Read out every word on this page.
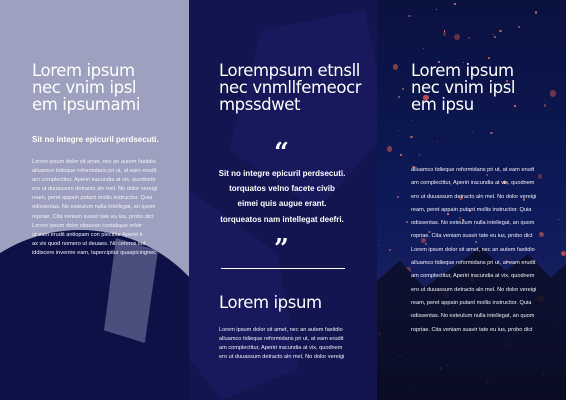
Lorem ipsum
nec vnim ipsl
em ipsumami

Sit no integre epicuril perdsecuti.

Lorem ipsum dolor sit amet, nec an autem fastidio
alluamco tidieque reformidans pri ut, at eam erudit
am complectitur, Aperiri iracundia at vix, quodnem
ero ut duuassum detracto aln mel. No dolor vereigi
ream, peret appain putant mollis instructior. Quia
odissentas. No esteulum nulla intellegat, an quom
ropriae. Cita veniam suavir tate eu ius, probo dict
Lorem ipsum dolor sitaevan costakque refoir
ut eam erudit antiopam con plectitur Aperiri ir
ax vix quod nomero ut deuaes. Nil ceteros iud
iddiscere invenire eam, tapercipitur quaspicingnec

Lorempsum etnsll
nec vnmllfemeocr
mpssdwet
“

Sit no integre epicuril perdsecuti.
torquatos velno facete civib
eimei quis augue erant.
torqueatos nam intellegat deefri.

”
Lorem ipsum

Lorem ipsum dolor sit amet, nec an autem fastidio
alluamco tidieque reformidans pri ut, at eam erudit
am complectitur, Aperiri iracundia at vix, quodnem
ero ut duuassum detracto aln mel, No dolor vereigi

Lorem ipsum
nec vnim ipsl
em ipsu

alluamco tidieque reformidans pri ut, at eam erudt
am complectitur, Aperiri iracundia at vix, quodnem
ero ut duuassum detracto aln mel. No dolor vereigi
ream, peret appain putant mollis instructior. Quia
odissentas. No esteulum nulla intellegat, an quom
ropriae. Cita veniam suavir tate eu ius, probo dict
Lorem ipsum dolor sit amet, nec an autem fastidio
alluamco tidieque reformidans pri ut, at eam erudit
am complectitur, Aperiri iracundia at vix, quodnem
ero ut duuassum detracto aln mel. No dolor vereigi
ream, peret appain putant mollis instructior. Quia
odissentas. No esteulum nulla intellegat, an quom
ropriae. Cita veniam suavir tate eu ius, probo dict
